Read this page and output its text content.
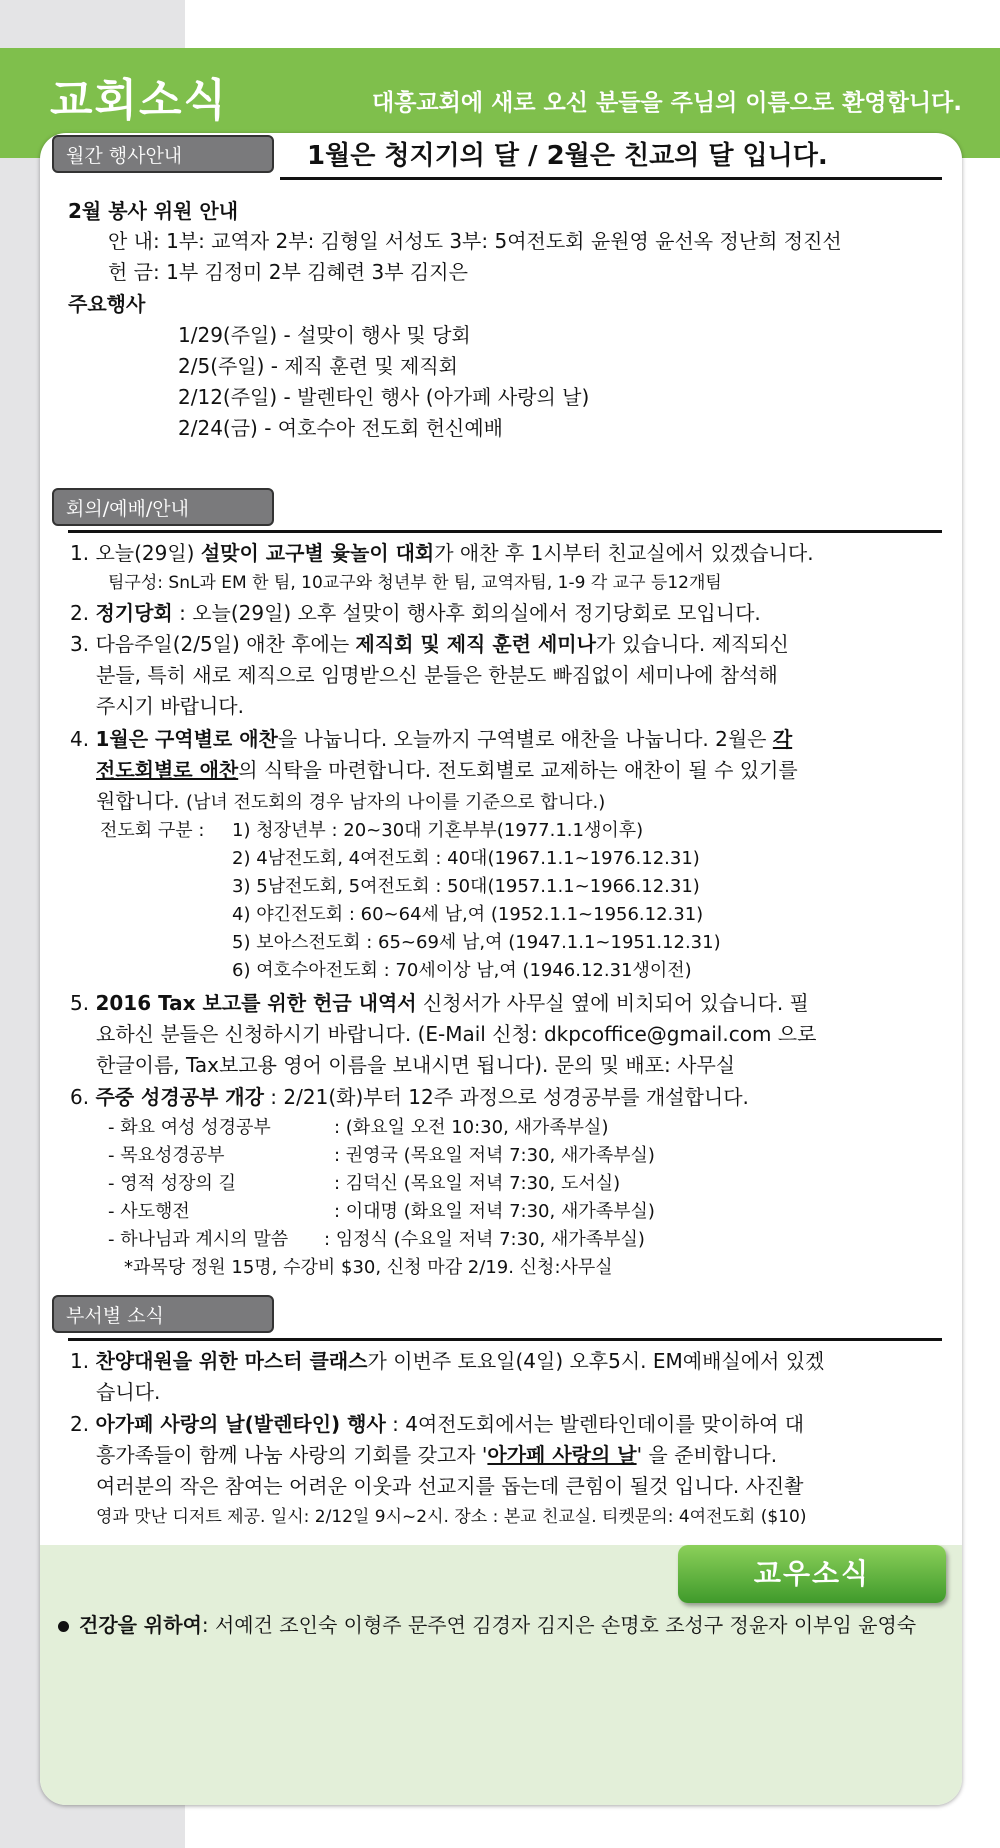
교회소식	대흥교회에 새로 오신 분들을 주님의 이름으로 환영합니다.
월간 행사안내	1월은 청지기의 달 / 2월은 친교의 달 입니다.
2월 봉사 위원 안내
안 내: 1부: 교역자 2부: 김형일 서성도 3부: 5여전도회 윤원영 윤선옥 정난희 정진선
헌 금: 1부 김정미 2부 김혜련 3부 김지은
주요행사
1/29(주일) - 설맞이 행사 및 당회
2/5(주일) - 제직 훈련 및 제직회
2/12(주일) - 발렌타인 행사 (아가페 사랑의 날)
2/24(금) - 여호수아 전도회 헌신예배
회의/예배/안내
1. 오늘(29일) 설맞이 교구별 윷놀이 대회가 애찬 후 1시부터 친교실에서 있겠습니다.
팀구성: SnL과 EM 한 팀, 10교구와 청년부 한 팀, 교역자팀, 1-9 각 교구 등12개팀
2. 정기당회 : 오늘(29일) 오후 설맞이 행사후 회의실에서 정기당회로 모입니다.
3. 다음주일(2/5일) 애찬 후에는 제직회 및 제직 훈련 세미나가 있습니다. 제직되신
분들, 특히 새로 제직으로 임명받으신 분들은 한분도 빠짐없이 세미나에 참석해
주시기 바랍니다.
4. 1월은 구역별로 애찬을 나눕니다. 오늘까지 구역별로 애찬을 나눕니다. 2월은 각
전도회별로 애찬의 식탁을 마련합니다. 전도회별로 교제하는 애찬이 될 수 있기를
원합니다. (남녀 전도회의 경우 남자의 나이를 기준으로 합니다.)
전도회 구분 : 1) 청장년부 : 20~30대 기혼부부(1977.1.1생이후)
2) 4남전도회, 4여전도회 : 40대(1967.1.1~1976.12.31)
3) 5남전도회, 5여전도회 : 50대(1957.1.1~1966.12.31)
4) 야긴전도회 : 60~64세 남,여 (1952.1.1~1956.12.31)
5) 보아스전도회 : 65~69세 남,여 (1947.1.1~1951.12.31)
6) 여호수아전도회 : 70세이상 남,여 (1946.12.31생이전)
5. 2016 Tax 보고를 위한 헌금 내역서 신청서가 사무실 옆에 비치되어 있습니다. 필
요하신 분들은 신청하시기 바랍니다. (E-Mail 신청: dkpcoffice@gmail.com 으로
한글이름, Tax보고용 영어 이름을 보내시면 됩니다). 문의 및 배포: 사무실
6. 주중 성경공부 개강 : 2/21(화)부터 12주 과정으로 성경공부를 개설합니다.
- 화요 여성 성경공부	: (화요일 오전 10:30, 새가족부실)
- 목요성경공부	: 권영국 (목요일 저녁 7:30, 새가족부실)
- 영적 성장의 길	: 김덕신 (목요일 저녁 7:30, 도서실)
- 사도행전	: 이대명 (화요일 저녁 7:30, 새가족부실)
- 하나님과 계시의 말씀 : 임정식 (수요일 저녁 7:30, 새가족부실)
*과목당 정원 15명, 수강비 $30, 신청 마감 2/19. 신청:사무실
부서별 소식
1. 찬양대원을 위한 마스터 클래스가 이번주 토요일(4일) 오후5시. EM예배실에서 있겠
습니다.
2. 아가페 사랑의 날(발렌타인) 행사 : 4여전도회에서는 발렌타인데이를 맞이하여 대
흥가족들이 함께 나눔 사랑의 기회를 갖고자 '아가페 사랑의 날' 을 준비합니다.
여러분의 작은 참여는 어려운 이웃과 선교지를 돕는데 큰힘이 될것 입니다. 사진촬
영과 맛난 디저트 제공. 일시: 2/12일 9시~2시. 장소 : 본교 친교실. 티켓문의: 4여전도회 ($10)
교우소식
건강을 위하여: 서예건 조인숙 이형주 문주연 김경자 김지은 손명호 조성구 정윤자 이부임 윤영숙
